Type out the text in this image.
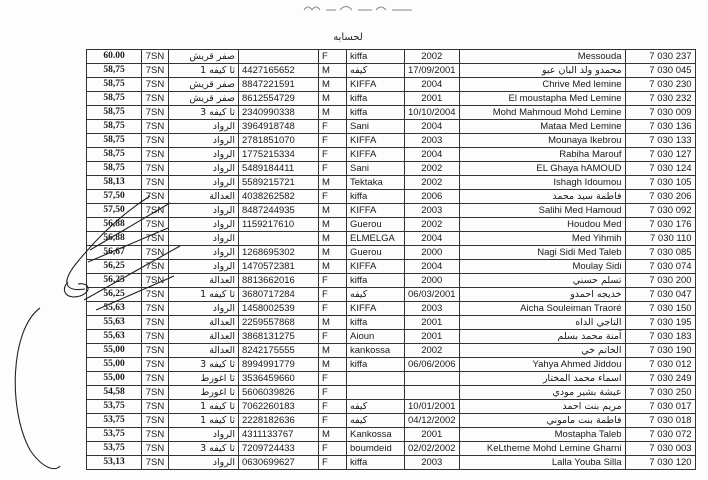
لحسابه
60.00	7SN	صفر قريش		F	kiffa	2002	Messouda	7 030 237
58,75	7SN	ثا كيفه 1	4427165652	M	كيفه	17/09/2001	محمدو ولد البان عبو	7 030 045
58,75	7SN	صفر قريش	8847221591	M	KIFFA	2004	Chrive Med lemine	7 030 230
58,75	7SN	صفر قريش	8612554729	M	kiffa	2001	El moustapha Med Lemine	7 030 232
58,75	7SN	ثا كيفه 3	2340990338	M	kiffa	10/10/2004	Mohd Mahmoud Mohd Lemine	7 030 009
58,75	7SN	الرواد	3964918748	F	Sani	2004	Mataa Med Lemine	7 030 136
58,75	7SN	الرواد	2781851070	F	KIFFA	2003	Mounaya Ikebrou	7 030 133
58,75	7SN	الرواد	1775215334	F	KIFFA	2004	Rabiha Marouf	7 030 127
58,75	7SN	الرواد	5489184411	F	Sani	2002	EL Ghaya hAMOUD	7 030 124
58,13	7SN	الرواد	5589215721	M	Tektaka	2002	Ishagh Idoumou	7 030 105
57,50	7SN	العدالة	4038262582	F	kiffa	2006	فاطمة سيد محمد	7 030 206
57,50	7SN	الرواد	8487244935	M	KIFFA	2003	Salihi Med Hamoud	7 030 092
56,88	7SN	الرواد	1159217610	M	Guerou	2002	Houdou Med	7 030 176
56,88	7SN	الرواد		M	ELMELGA	2004	Med Yihmih	7 030 110
56,67	7SN	الرواد	1268695302	M	Guerou	2000	Nagi Sidi Med Taleb	7 030 085
56,25	7SN	الرواد	1470572381	M	KIFFA	2004	Moulay Sidi	7 030 074
56,25	7SN	العدالة	8813662016	F	kiffa	2000	تسلم حسني	7 030 200
56,25	7SN	ثا كيفه 1	3680717284	F	كيفه	06/03/2001	خديجه احمدو	7 030 047
55,63	7SN	الرواد	1458002539	F	KIFFA	2003	Aicha Souleiman Traoré	7 030 150
55,63	7SN	العدالة	2259557868	M	kiffa	2001	التاجي الداه	7 030 195
55,63	7SN	العدالة	3868131275	F	Aioun	2001	آمنة محمد بسلم	7 030 183
55,00	7SN	العدالة	8242175555	M	kankossa	2002	الخاتم خي	7 030 190
55,00	7SN	ثا كيفه 3	8994991779	M	kiffa	06/06/2006	Yahya Ahmed Jiddou	7 030 012
55,00	7SN	ثا اغورط	3536459660	F			اسماء محمد المختار	7 030 249
54,58	7SN	ثا اغورط	5606039826	F			عيشة بشير مودي	7 030 250
53,75	7SN	ثا كيفه 1	7062260183	F	كيفه	10/01/2001	مريم بنت احمد	7 030 017
53,75	7SN	ثا كيفه 1	2228182636	F	كيفه	04/12/2002	فاطمة بنت ماموني	7 030 018
53,75	7SN	الرواد	4311133767	M	Kankossa	2001	Mostapha Taleb	7 030 072
53,75	7SN	ثا كيفه 3	7209724433	F	boumdeid	02/02/2002	KeLtheme Mohd Lemine Gharni	7 030 003
53,13	7SN	الرواد	0630699627	F	kiffa	2003	Lalla Youba Silla	7 030 120
